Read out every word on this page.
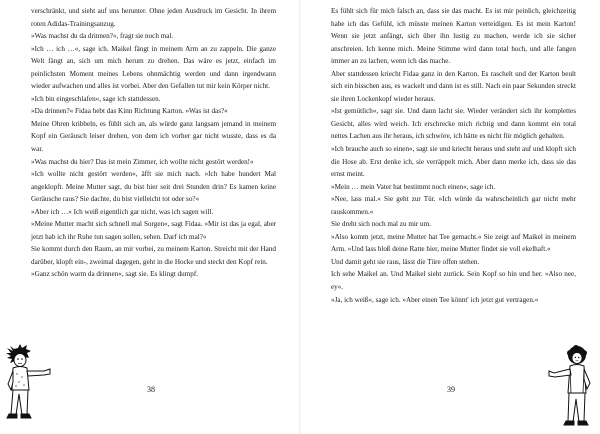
verschränkt, und sieht auf uns herunter. Ohne jeden Ausdruck im Gesicht. In ihrem roten Adidas-Trainingsanzug.

»Was machst du da drinnen?«, fragt sie noch mal.

»Ich … ich …«, sage ich. Maikel fängt in meinem Arm an zu zappeln. Die ganze Welt fängt an, sich um mich herum zu drehen. Das wäre es jetzt, einfach im peinlichsten Moment meines Lebens ohnmächtig werden und dann irgendwann wieder aufwachen und alles ist vorbei. Aber den Gefallen tut mir kein Körper nicht.

»Ich bin eingeschlafen«, sage ich stattdessen.

»Da drinnen?« Fidaa hebt das Kinn Richtung Karton. »Was ist das?«

Meine Ohren kribbeln, es fühlt sich an, als würde ganz langsam jemand in meinem Kopf ein Geräusch leiser drehen, von dem ich vorher gar nicht wusste, dass es da war.

»Was machst du hier? Das ist mein Zimmer, ich wollte nicht gestört werden!«

»Ich wollte nicht gestört werden«, äfft sie mich nach. »Ich habe hundert Mal angeklopft. Meine Mutter sagt, du bist hier seit drei Stunden drin? Es kamen keine Geräusche raus? Sie dachte, du bist vielleicht tot oder so?«

»Aber ich …« Ich weiß eigentlich gar nicht, was ich sagen will.

»Meine Mutter macht sich schnell mal Sorgen«, sagt Fidaa. »Mir ist das ja egal, aber jetzt hab ich ihr Ruhe tun sagen sollen, sehen. Darf ich mal?«

Sie kommt durch den Raum, an mir vorbei, zu meinem Karton. Streicht mit der Hand darüber, klopft ein-, zweimal dagegen, geht in die Hocke und steckt den Kopf rein.

»Ganz schön warm da drinnen«, sagt sie. Es klingt dumpf.

38

Es fühlt sich für mich falsch an, dass sie das macht. Es ist mir peinlich, gleichzeitig habe ich das Gefühl, ich müsste meinen Karton verteidigen. Es ist mein Karton! Wenn sie jetzt anfängt, sich über ihn lustig zu machen, werde ich sie sicher anschreien. Ich kenne mich. Meine Stimme wird dann total hoch, und alle fangen immer an zu lachen, wenn ich das mache.

Aber stattdessen kriecht Fidaa ganz in den Karton. Es raschelt und der Karton beult sich ein bisschen aus, es wackelt und dann ist es still. Nach ein paar Sekunden streckt sie ihren Lockenkopf wieder heraus.

»Ist gemütlich«, sagt sie. Und dann lacht sie. Wieder verändert sich ihr komplettes Gesicht, alles wird weich. Ich erschrecke mich richtig und dann kommt ein total nettes Lachen aus ihr heraus, ich schwöre, ich hätte es nicht für möglich gehalten.

»Ich brauche auch so einen«, sagt sie und kriecht heraus und steht auf und klopft sich die Hose ab. Erst denke ich, sie verräppelt mich. Aber dann merke ich, dass sie das ernst meint.

»Mein … mein Vater hat bestimmt noch einen«, sage ich.

»Nee, lass mal.« Sie geht zur Tür. »Ich würde da wahrscheinlich gar nicht mehr rauskommen.«

Sie dreht sich noch mal zu mir um.

»Also komm jetzt, meine Mutter hat Tee gemacht.« Sie zeigt auf Maikel in meinem Arm. »Und lass bloß deine Ratte hier, meine Mutter findet sie voll ekelhaft.«

Und damit geht sie raus, lässt die Türe offen stehen.

Ich sehe Maikel an. Und Maikel sieht zurück. Sein Kopf so hin und her. »Also nee, ey«.

»Ja, ich weiß«, sage ich. »Aber einen Tee könnt' ich jetzt gut vertragen.«

39
